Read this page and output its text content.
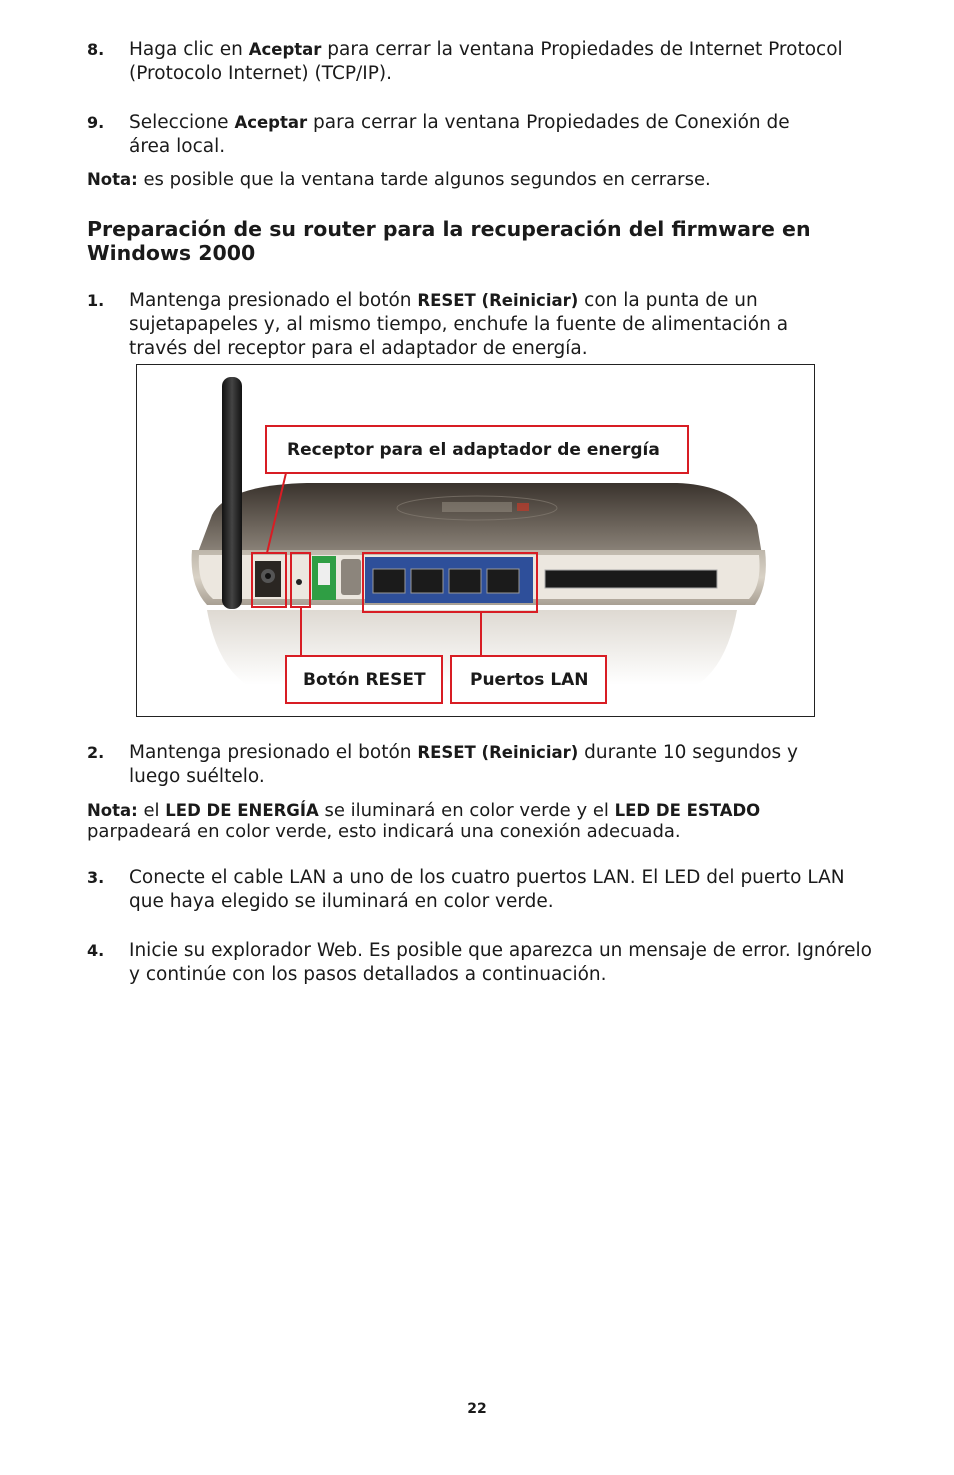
8. Haga clic en Aceptar para cerrar la ventana Propiedades de Internet Protocol (Protocolo Internet) (TCP/IP).
9. Seleccione Aceptar para cerrar la ventana Propiedades de Conexión de área local.
Nota: es posible que la ventana tarde algunos segundos en cerrarse.
Preparación de su router para la recuperación del firmware en Windows 2000
1. Mantenga presionado el botón RESET (Reiniciar) con la punta de un sujetapapeles y, al mismo tiempo, enchufe la fuente de alimentación a través del receptor para el adaptador de energía.
Receptor para el adaptador de energía
Botón RESET	Puertos LAN
2. Mantenga presionado el botón RESET (Reiniciar) durante 10 segundos y luego suéltelo.
Nota: el LED DE ENERGÍA se iluminará en color verde y el LED DE ESTADO parpadeará en color verde, esto indicará una conexión adecuada.
3. Conecte el cable LAN a uno de los cuatro puertos LAN. El LED del puerto LAN que haya elegido se iluminará en color verde.
4. Inicie su explorador Web. Es posible que aparezca un mensaje de error. Ignórelo y continúe con los pasos detallados a continuación.
22
